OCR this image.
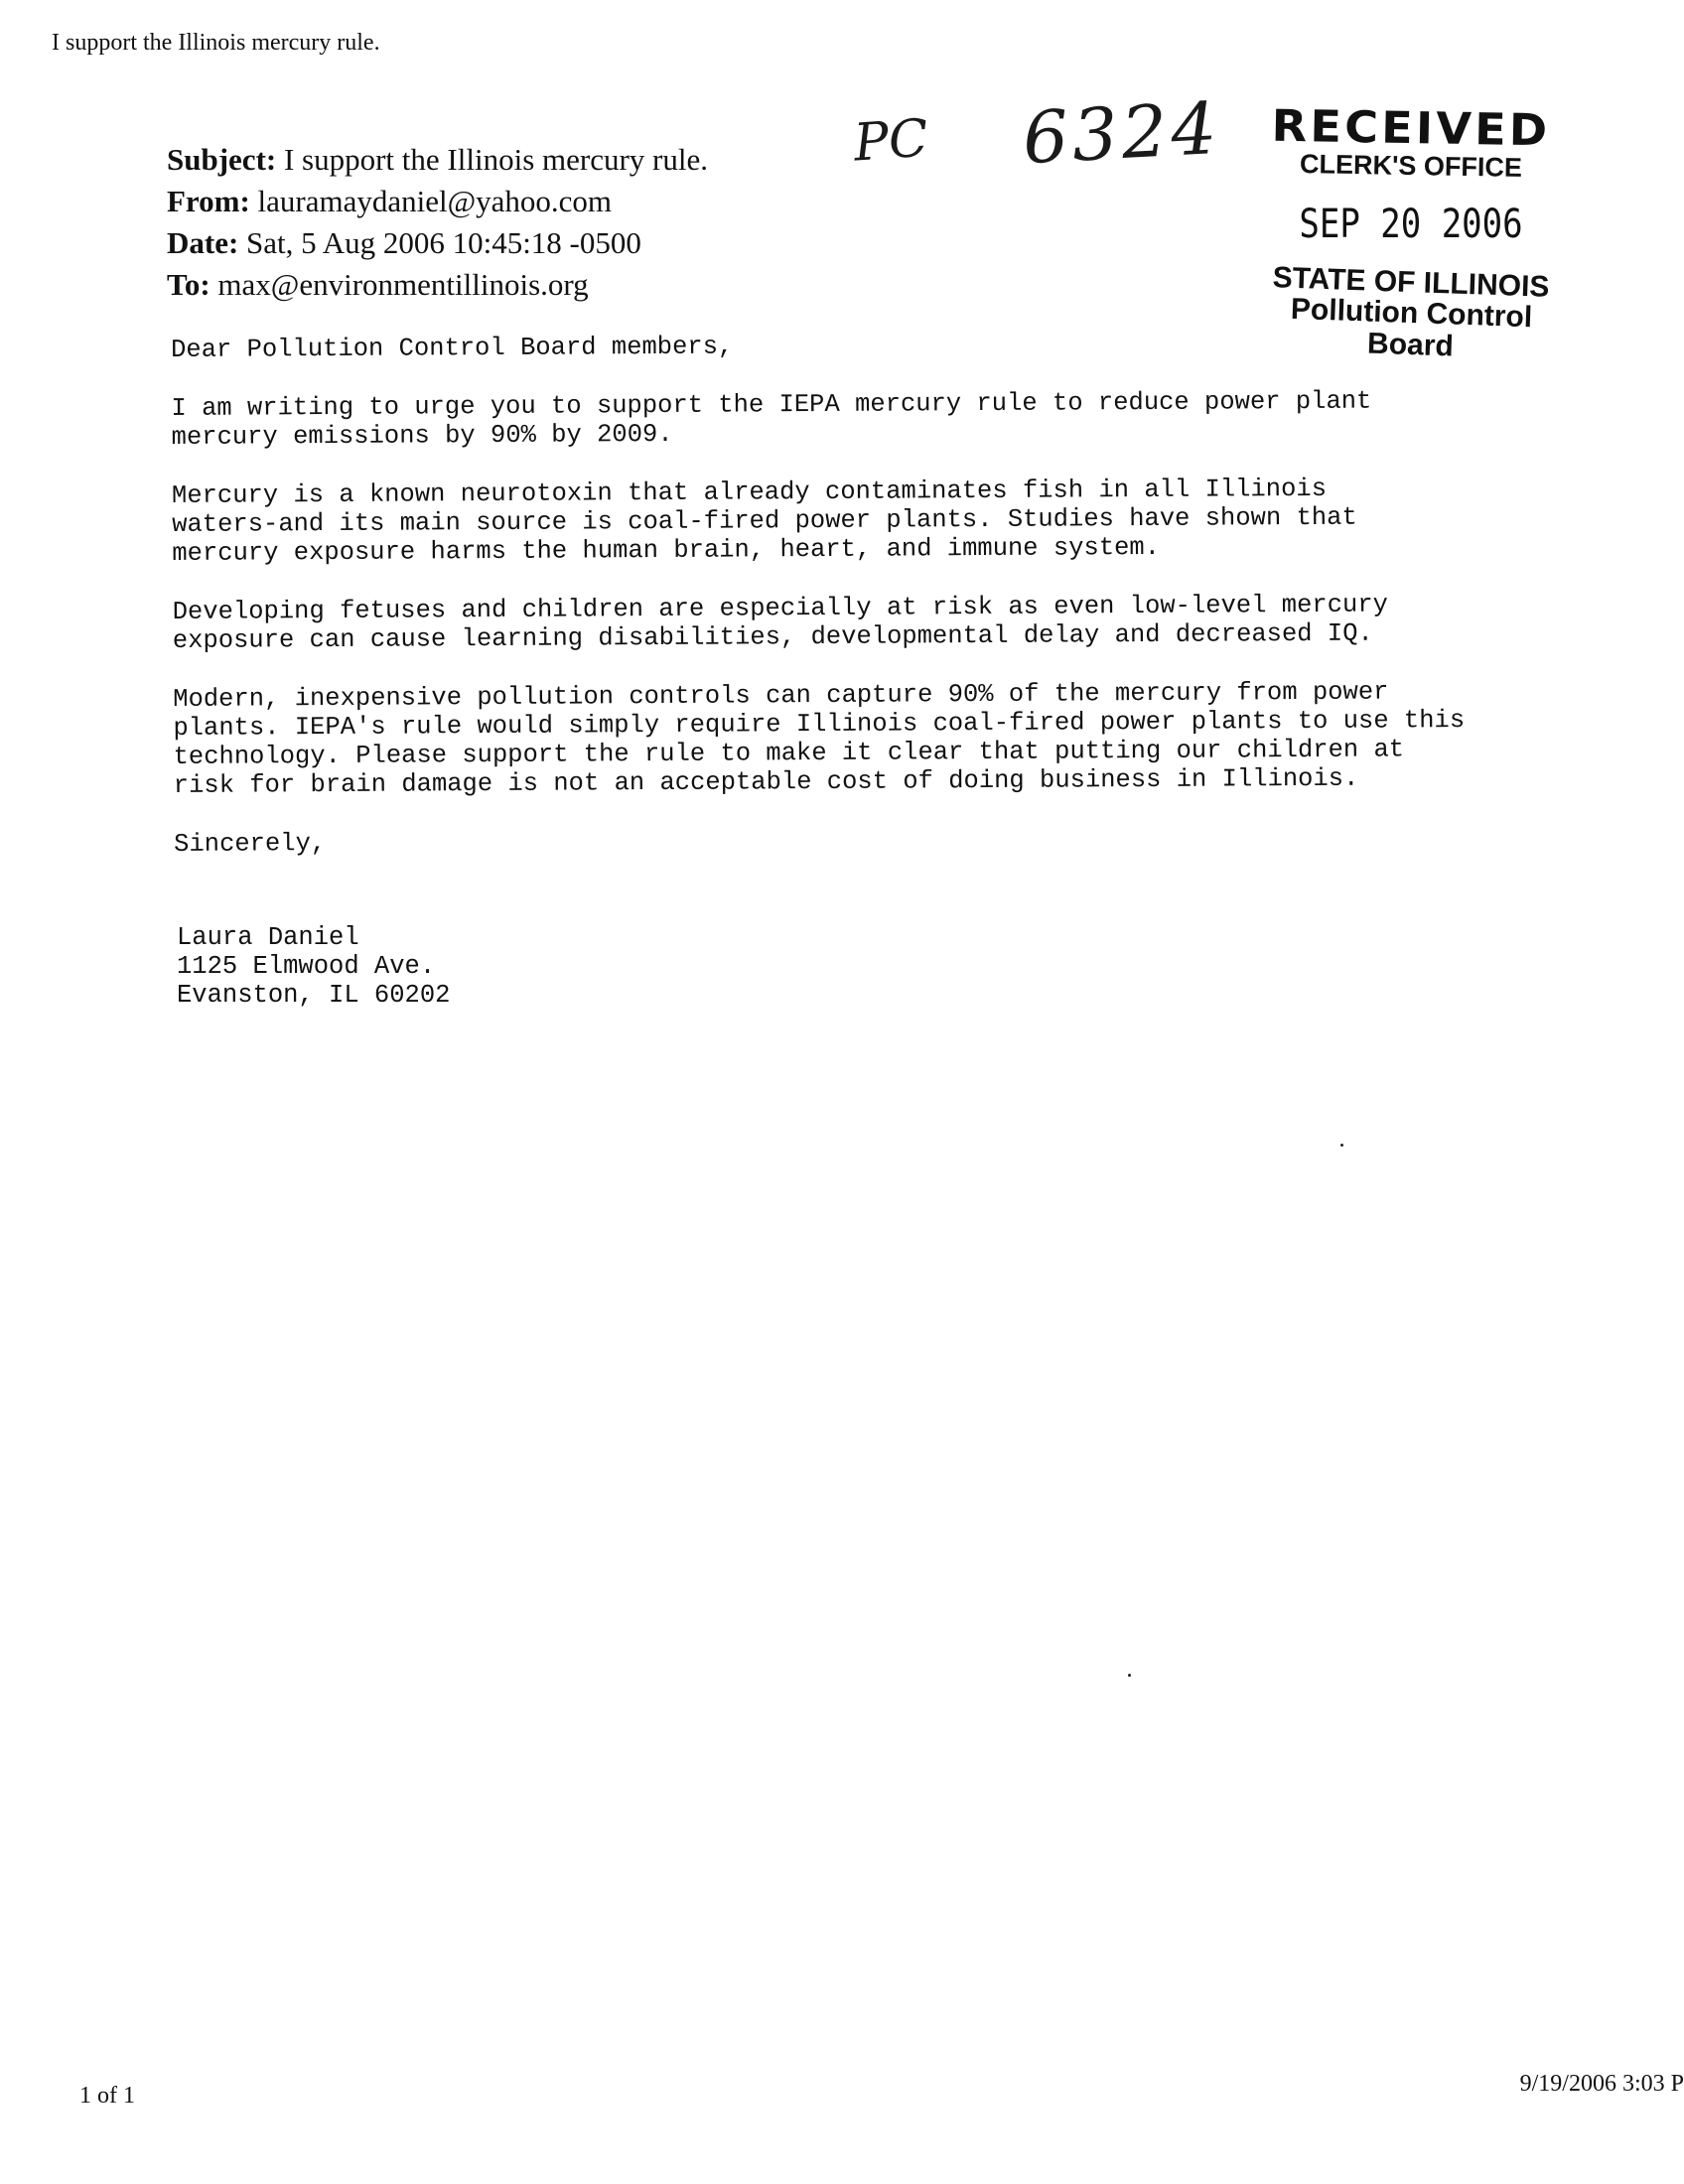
I support the Illinois mercury rule.
Subject: I support the Illinois mercury rule.
From: lauramaydaniel@yahoo.com
Date: Sat, 5 Aug 2006 10:45:18 -0500
To: max@environmentillinois.org
PC 6324	RECEIVED
CLERK'S OFFICE
SEP 20 2006
STATE OF ILLINOIS
Pollution Control Board

Dear Pollution Control Board members,

I am writing to urge you to support the IEPA mercury rule to reduce power plant
mercury emissions by 90% by 2009.

Mercury is a known neurotoxin that already contaminates fish in all Illinois
waters-and its main source is coal-fired power plants. Studies have shown that
mercury exposure harms the human brain, heart, and immune system.

Developing fetuses and children are especially at risk as even low-level mercury
exposure can cause learning disabilities, developmental delay and decreased IQ.

Modern, inexpensive pollution controls can capture 90% of the mercury from power
plants. IEPA's rule would simply require Illinois coal-fired power plants to use this
technology. Please support the rule to make it clear that putting our children at
risk for brain damage is not an acceptable cost of doing business in Illinois.

Sincerely,

Laura Daniel
1125 Elmwood Ave.
Evanston, IL 60202
1 of 1	9/19/2006 3:03 P
